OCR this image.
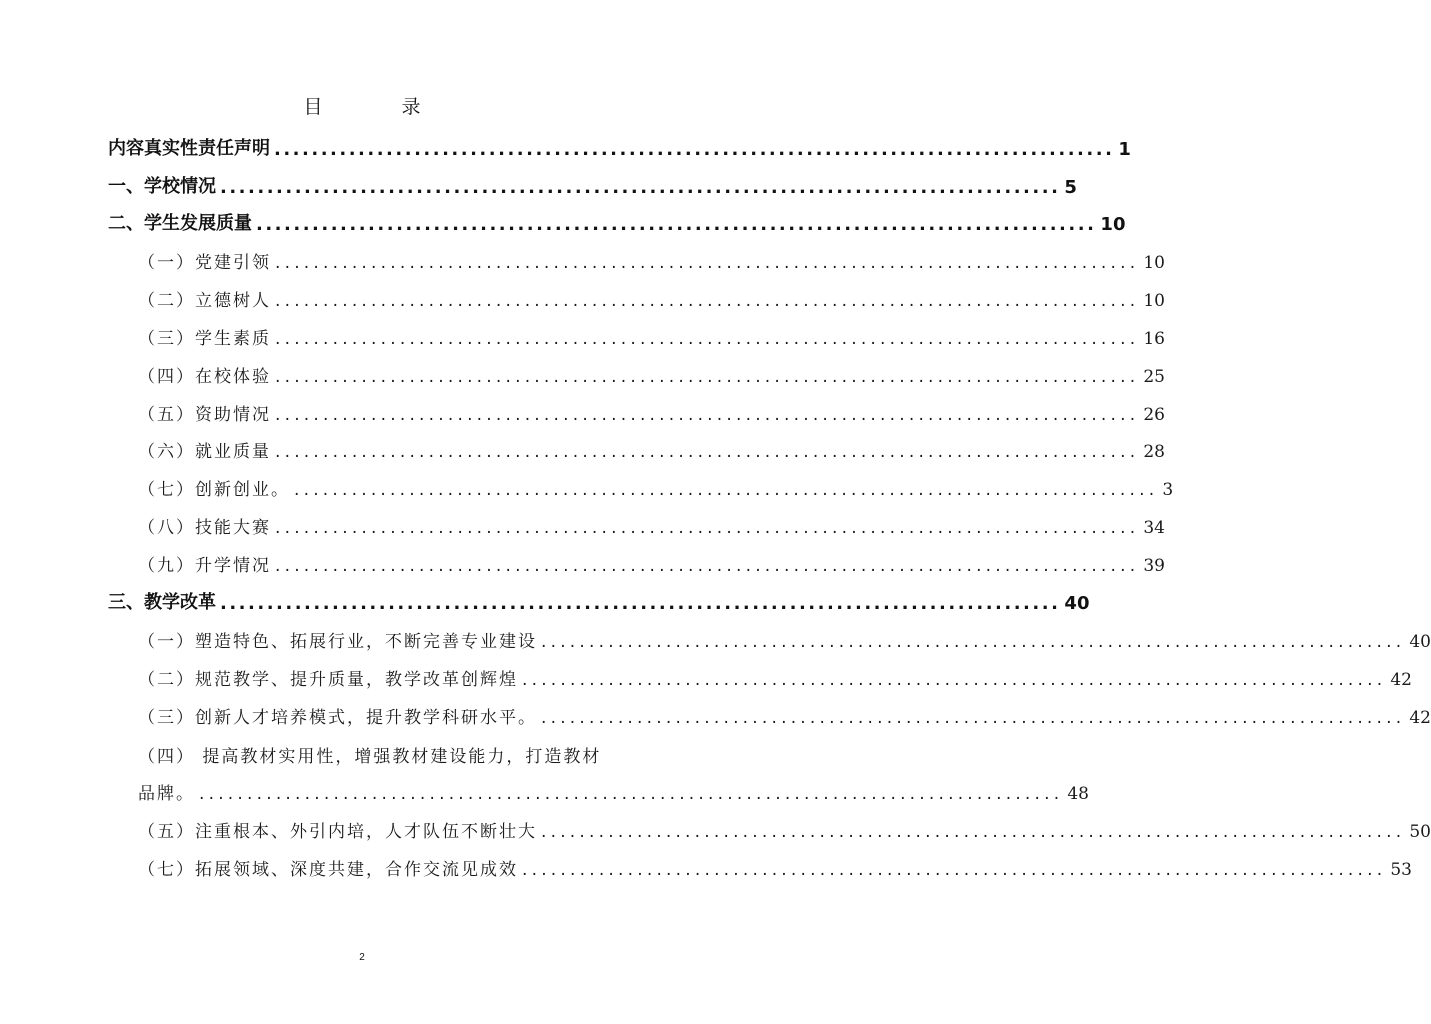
目　录
内容真实性责任声明 .......................................................................................... 1
一、学校情况 .......................................................................................... 5
二、学生发展质量 .......................................................................................... 10
（一）党建引领 .......................................................................................... 10
（二）立德树人 .......................................................................................... 10
（三）学生素质 .......................................................................................... 16
（四）在校体验 .......................................................................................... 25
（五）资助情况 .......................................................................................... 26
（六）就业质量 .......................................................................................... 28
（七）创新创业。 .......................................................................................... 3
（八）技能大赛 .......................................................................................... 34
（九）升学情况 .......................................................................................... 39
三、教学改革 .......................................................................................... 40
（一）塑造特色、拓展行业，不断完善专业建设 .......................................................................................... 40
（二）规范教学、提升质量，教学改革创辉煌 .......................................................................................... 42
（三）创新人才培养模式，提升教学科研水平。 .......................................................................................... 42
（四） 提高教材实用性，增强教材建设能力，打造教材
品牌。 .......................................................................................... 48
（五）注重根本、外引内培，人才队伍不断壮大 .......................................................................................... 50
（七）拓展领域、深度共建，合作交流见成效 .......................................................................................... 53
2
